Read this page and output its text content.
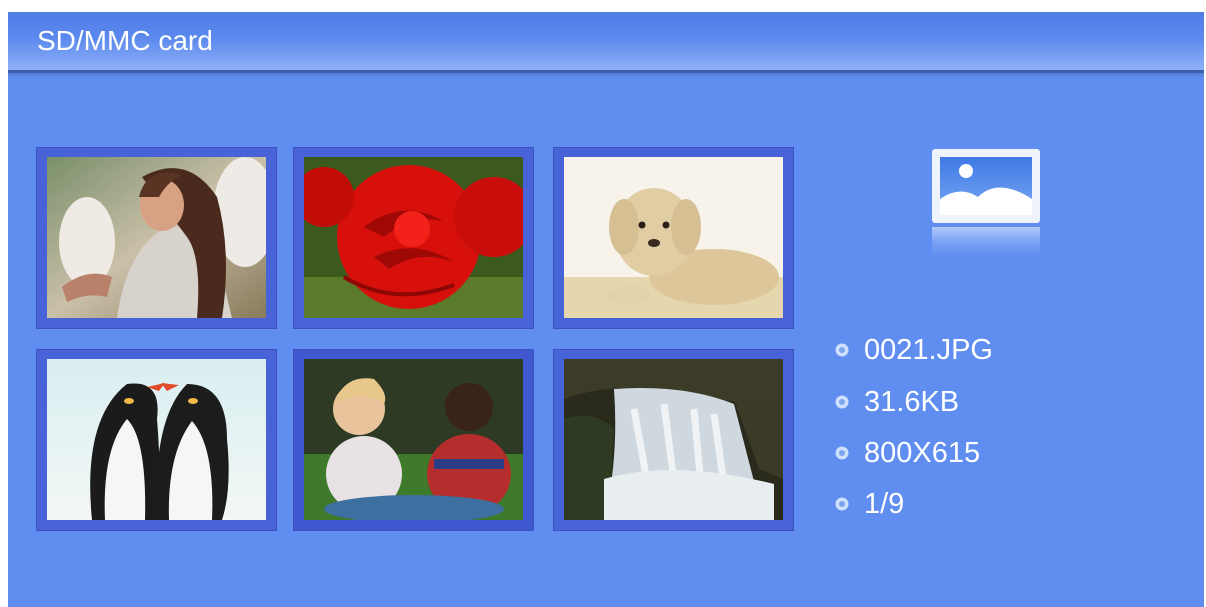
SD/MMC card
0021.JPG
31.6KB
800X615
1/9
